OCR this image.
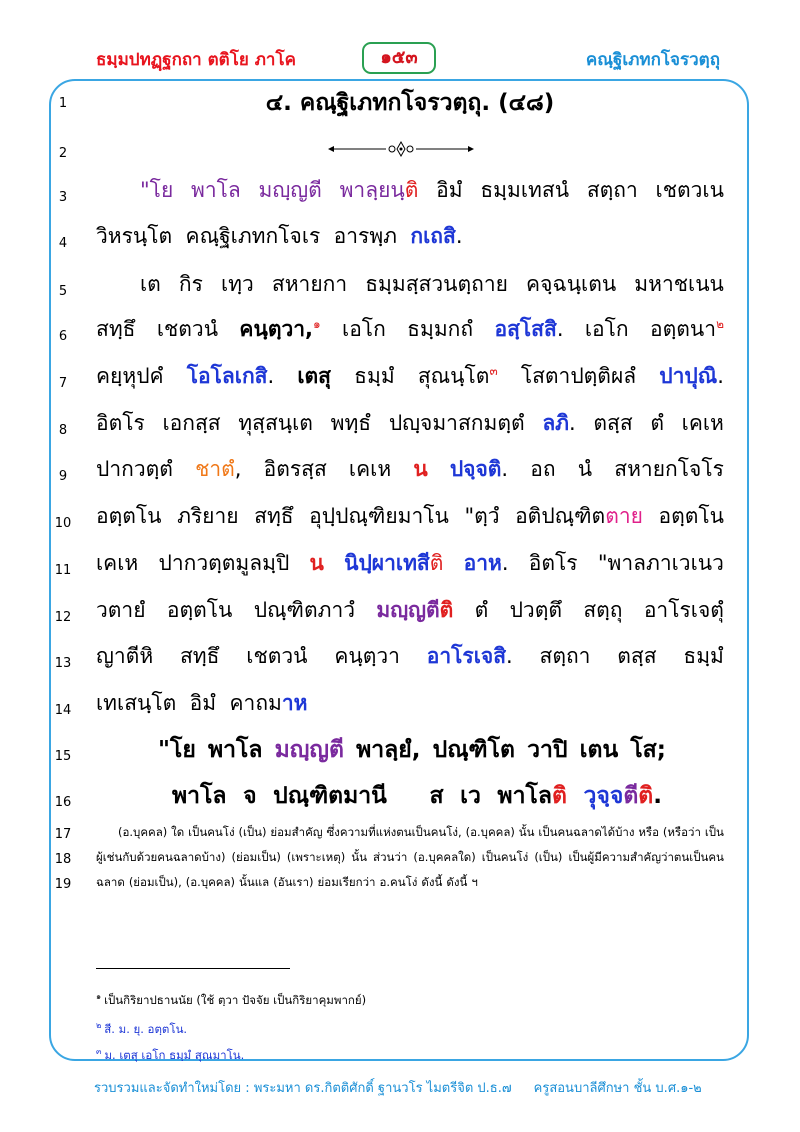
ธมฺมปทฏฺฐกถา ตติโย ภาโค	๑๕๓	คณฺฐิเภทกโจรวตฺถุ
1
2
3
4
5
6
7
8
9
10
11
12
13
14
15
16
17
18
19
๔. คณฺฐิเภทกโจรวตฺถุ. (๔๘)
"โย พาโล มญฺญตี พาลฺยนฺติ อิมํ ธมฺมเทสนํ สตฺถา เชตวเน
วิหรนฺโต คณฺฐิเภทกโจเร อารพฺภ กเถสิ.
เต กิร เทฺว สหายกา ธมฺมสฺสวนตฺถาย คจฺฉนฺเตน มหาชเนน
สทฺธึ เชตวนํ คนฺตฺวา,$^๑$ เอโก ธมฺมกถํ อสฺโสสิ. เอโก อตฺตนา$^๒$
คยฺหุปคํ โอโลเกสิ. เตสุ ธมฺมํ สุณนฺโต$^๓$ โสตาปตฺติผลํ ปาปุณิ.
อิตโร เอกสฺส ทุสฺสนฺเต พทฺธํ ปญฺจมาสกมตฺตํ ลภิ. ตสฺส ตํ เคเห
ปากวตฺตํ ชาตํ, อิตรสฺส เคเห น ปจฺจติ. อถ นํ สหายกโจโร
อตฺตโน ภริยาย สทฺธึ อุปฺปณฺฑิยมาโน "ตฺวํ อติปณฺฑิตตาย อตฺตโน
เคเห ปากวตฺตมูลมฺปิ น นิปฺผาเทสีติ อาห. อิตโร "พาลภาเวเนว
วตายํ อตฺตโน ปณฺฑิตภาวํ มญฺญตีติ ตํ ปวตฺตึ สตฺถุ อาโรเจตุํ
ญาตีหิ สทฺธึ เชตวนํ คนฺตฺวา อาโรเจสิ. สตฺถา ตสฺส ธมฺมํ
เทเสนฺโต อิมํ คาถมาห
"โย พาโล มญฺญตี พาลฺยํ, ปณฺฑิโต วาปิ เตน โส;
พาโล จ ปณฺฑิตมานี ส เว พาโลติ วุจฺจตีติ.
(อ.บุคคล) ใด เป็นคนโง่ (เป็น) ย่อมสำคัญ ซึ่งความที่แห่งตนเป็นคนโง่, (อ.บุคคล) นั้น เป็นคนฉลาดได้บ้าง หรือ (หรือว่า เป็น
ผู้เช่นกับด้วยคนฉลาดบ้าง) (ย่อมเป็น) (เพราะเหตุ) นั้น ส่วนว่า (อ.บุคคลใด) เป็นคนโง่ (เป็น) เป็นผู้มีความสำคัญว่าตนเป็นคน
ฉลาด (ย่อมเป็น), (อ.บุคคล) นั้นแล (อันเรา) ย่อมเรียกว่า อ.คนโง่ ดังนี้ ดังนี้ ฯ
$^๑$ เป็นกิริยาปธานนัย (ใช้ ตฺวา ปัจจัย เป็นกิริยาคุมพากย์)
$^๒$ สี. ม. ยุ. อตฺตโน.
$^๓$ ม. เตสุ เอโก ธมฺมํ สุณมาโน.
รวบรวมและจัดทำใหม่โดย : พระมหา ดร.กิตติศักดิ์ ฐานวโร ไมตรีจิต ป.ธ.๗ ครูสอนบาลีศึกษา ชั้น บ.ศ.๑-๒
